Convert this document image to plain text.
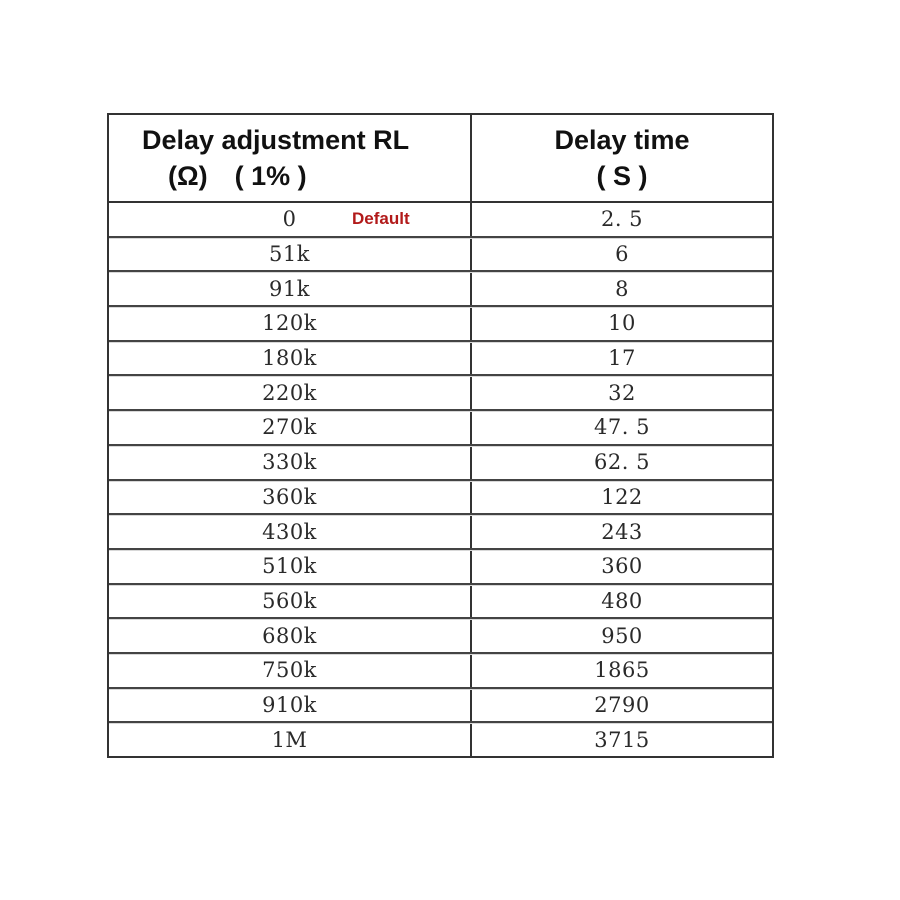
Delay adjustment RL
(Ω) ( 1% )
Delay time
( S )
0	Default	2. 5
51k	6
91k	8
120k	10
180k	17
220k	32
270k	47. 5
330k	62. 5
360k	122
430k	243
510k	360
560k	480
680k	950
750k	1865
910k	2790
1M	3715
